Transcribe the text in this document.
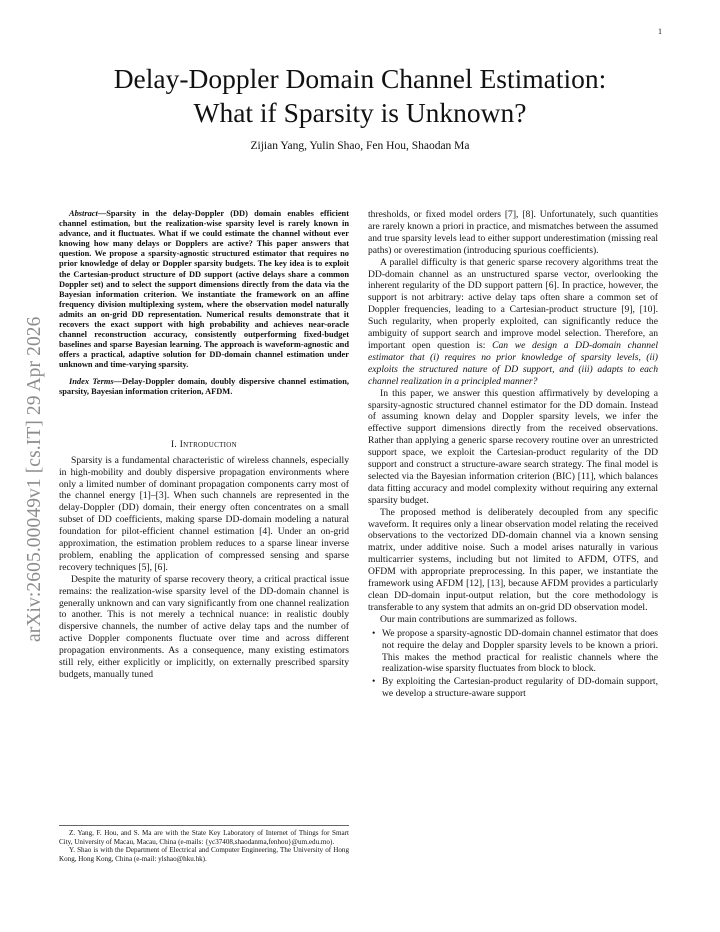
1
Delay-Doppler Domain Channel Estimation:
What if Sparsity is Unknown?
Zijian Yang, Yulin Shao, Fen Hou, Shaodan Ma
arXiv:2605.00049v1 [cs.IT] 29 Apr 2026
Abstract—Sparsity in the delay-Doppler (DD) domain enables efficient channel estimation, but the realization-wise sparsity level is rarely known in advance, and it fluctuates. What if we could estimate the channel without ever knowing how many delays or Dopplers are active? This paper answers that question. We propose a sparsity-agnostic structured estimator that requires no prior knowledge of delay or Doppler sparsity budgets. The key idea is to exploit the Cartesian-product structure of DD support (active delays share a common Doppler set) and to select the support dimensions directly from the data via the Bayesian information criterion. We instantiate the framework on an affine frequency division multiplexing system, where the observation model naturally admits an on-grid DD representation. Numerical results demonstrate that it recovers the exact support with high probability and achieves near-oracle channel reconstruction accuracy, consistently outperforming fixed-budget baselines and sparse Bayesian learning. The approach is waveform-agnostic and offers a practical, adaptive solution for DD-domain channel estimation under unknown and time-varying sparsity.
Index Terms—Delay-Doppler domain, doubly dispersive channel estimation, sparsity, Bayesian information criterion, AFDM.
I. Introduction

Sparsity is a fundamental characteristic of wireless channels, especially in high-mobility and doubly dispersive propagation environments where only a limited number of dominant propagation components carry most of the channel energy [1]–[3]. When such channels are represented in the delay-Doppler (DD) domain, their energy often concentrates on a small subset of DD coefficients, making sparse DD-domain modeling a natural foundation for pilot-efficient channel estimation [4]. Under an on-grid approximation, the estimation problem reduces to a sparse linear inverse problem, enabling the application of compressed sensing and sparse recovery techniques [5], [6].

Despite the maturity of sparse recovery theory, a critical practical issue remains: the realization-wise sparsity level of the DD-domain channel is generally unknown and can vary significantly from one channel realization to another. This is not merely a technical nuance: in realistic doubly dispersive channels, the number of active delay taps and the number of active Doppler components fluctuate over time and across different propagation environments. As a consequence, many existing estimators still rely, either explicitly or implicitly, on externally prescribed sparsity budgets, manually tuned

Z. Yang, F. Hou, and S. Ma are with the State Key Laboratory of Internet of Things for Smart City, University of Macau, Macau, China (e-mails: {yc37408,shaodanma,fenhou}@um.edu.mo).

Y. Shao is with the Department of Electrical and Computer Engineering, The University of Hong Kong, Hong Kong, China (e-mail: ylshao@hku.hk).

thresholds, or fixed model orders [7], [8]. Unfortunately, such quantities are rarely known a priori in practice, and mismatches between the assumed and true sparsity levels lead to either support underestimation (missing real paths) or overestimation (introducing spurious coefficients).

A parallel difficulty is that generic sparse recovery algorithms treat the DD-domain channel as an unstructured sparse vector, overlooking the inherent regularity of the DD support pattern [6]. In practice, however, the support is not arbitrary: active delay taps often share a common set of Doppler frequencies, leading to a Cartesian-product structure [9], [10]. Such regularity, when properly exploited, can significantly reduce the ambiguity of support search and improve model selection. Therefore, an important open question is: Can we design a DD-domain channel estimator that (i) requires no prior knowledge of sparsity levels, (ii) exploits the structured nature of DD support, and (iii) adapts to each channel realization in a principled manner?

In this paper, we answer this question affirmatively by developing a sparsity-agnostic structured channel estimator for the DD domain. Instead of assuming known delay and Doppler sparsity levels, we infer the effective support dimensions directly from the received observations. Rather than applying a generic sparse recovery routine over an unrestricted support space, we exploit the Cartesian-product regularity of the DD support and construct a structure-aware search strategy. The final model is selected via the Bayesian information criterion (BIC) [11], which balances data fitting accuracy and model complexity without requiring any external sparsity budget.

The proposed method is deliberately decoupled from any specific waveform. It requires only a linear observation model relating the received observations to the vectorized DD-domain channel via a known sensing matrix, under additive noise. Such a model arises naturally in various multicarrier systems, including but not limited to AFDM, OTFS, and OFDM with appropriate preprocessing. In this paper, we instantiate the framework using AFDM [12], [13], because AFDM provides a particularly clean DD-domain input-output relation, but the core methodology is transferable to any system that admits an on-grid DD observation model.

Our main contributions are summarized as follows.

• We propose a sparsity-agnostic DD-domain channel estimator that does not require the delay and Doppler sparsity levels to be known a priori. This makes the method practical for realistic channels where the realization-wise sparsity fluctuates from block to block.
• By exploiting the Cartesian-product regularity of DD-domain support, we develop a structure-aware support
